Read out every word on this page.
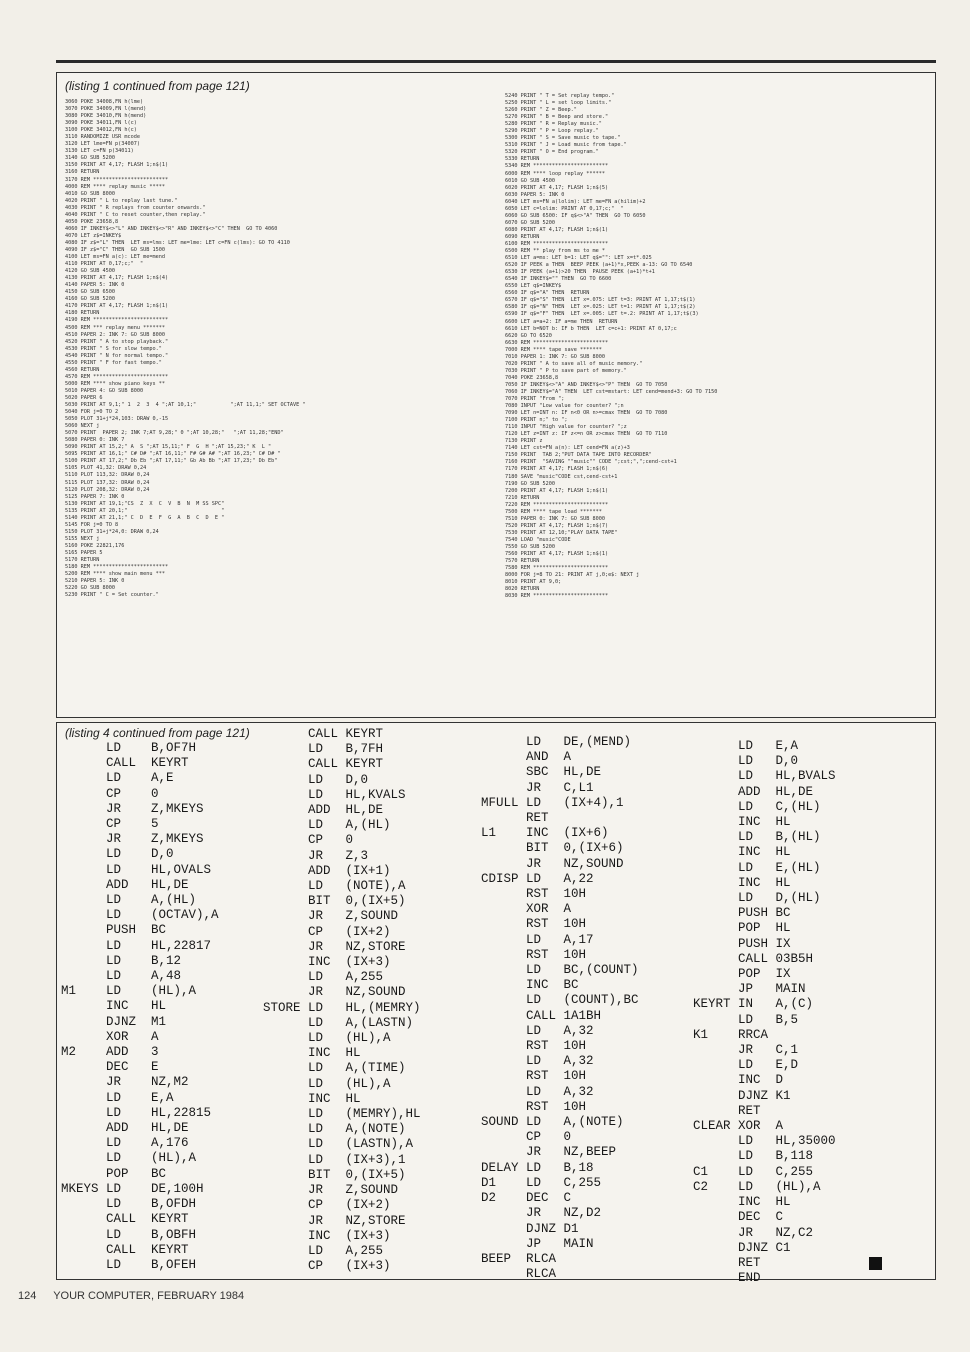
(listing 1 continued from page 121)
3060 POKE 34008,FN h(lme)
3070 POKE 34009,FN l(mend)
3080 POKE 34010,FN h(mend)
3090 POKE 34011,FN l(c)
3100 POKE 34012,FN h(c)
3110 RANDOMIZE USR mcode
3120 LET lme=FN p(34007)
3130 LET c=FN p(34011)
3140 GO SUB 5200
3150 PRINT AT 4,17; FLASH 1;n$(1)
3160 RETURN
3170 REM ************************
4000 REM **** replay music *****
4010 GO SUB 8000
4020 PRINT " L to replay last tune."
4030 PRINT " R replays from counter onwards."
4040 PRINT " C to reset counter,then replay."
4050 POKE 23658,8
4060 IF INKEY$<>"L" AND INKEY$<>"R" AND INKEY$<>"C" THEN  GO TO 4060
4070 LET z$=INKEY$
4080 IF z$="L" THEN  LET ms=lms: LET me=lme: LET c=FN c(lms): GO TO 4110
4090 IF z$="C" THEN  GO SUB 1500
4100 LET ms=FN a(c): LET me=mend
4110 PRINT AT 0,17;c;"  "
4120 GO SUB 4500
4130 PRINT AT 4,17; FLASH 1;n$(4)
4140 PAPER 5: INK 0
4150 GO SUB 6500
4160 GO SUB 5200
4170 PRINT AT 4,17; FLASH 1;n$(1)
4180 RETURN
4190 REM ************************
4500 REM *** replay menu *******
4510 PAPER 2: INK 7: GO SUB 8000
4520 PRINT " A to stop playback."
4530 PRINT " S for slow tempo."
4540 PRINT " N for normal tempo."
4550 PRINT " F for fast tempo."
4560 RETURN
4570 REM ************************
5000 REM **** show piano keys **
5010 PAPER 4: GO SUB 8000
5020 PAPER 6
5030 PRINT AT 9,1;" 1  2  3  4 ";AT 10,1;"           ";AT 11,1;" SET OCTAVE "
5040 FOR j=0 TO 2
5050 PLOT 31+j*24,103: DRAW 0,-15
5060 NEXT j
5070 PRINT  PAPER 2; INK 7;AT 9,28;" 0 ";AT 10,28;"   ";AT 11,28;"END"
5080 PAPER 0: INK 7
5090 PRINT AT 15,2;" A  S ";AT 15,11;" F  G  H ";AT 15,23;" K  L "
5095 PRINT AT 16,1;" C# D# ";AT 16,11;" F# G# A# ";AT 16,23;" C# D# "
5100 PRINT AT 17,2;" Db Eb ";AT 17,11;" Gb Ab Bb ";AT 17,23;" Db Eb"
5105 PLOT 41,32: DRAW 0,24
5110 PLOT 113,32: DRAW 0,24
5115 PLOT 137,32: DRAW 0,24
5120 PLOT 208,32: DRAW 0,24
5125 PAPER 7: INK 0
5130 PRINT AT 19,1;"CS  Z  X  C  V  B  N  M SS SPC"
5135 PRINT AT 20,1;"                              "
5140 PRINT AT 21,1;" C  D  E  F  G  A  B  C  D  E "
5145 FOR j=0 TO 8
5150 PLOT 31+j*24,0: DRAW 0,24
5155 NEXT j
5160 POKE 22821,176
5165 PAPER 5
5170 RETURN
5180 REM ************************
5200 REM **** show main menu ***
5210 PAPER 5: INK 0
5220 GO SUB 8000
5230 PRINT " C = Set counter."
5240 PRINT " T = Set replay tempo."
5250 PRINT " L = set loop limits."
5260 PRINT " Z = Beep."
5270 PRINT " B = Beep and store."
5280 PRINT " R = Replay music."
5290 PRINT " P = Loop replay."
5300 PRINT " S = Save music to tape."
5310 PRINT " J = Load music from tape."
5320 PRINT " O = End program."
5330 RETURN
5340 REM ************************
6000 REM **** loop replay ******
6010 GO SUB 4500
6020 PRINT AT 4,17; FLASH 1;n$(5)
6030 PAPER 5: INK 0
6040 LET ms=FN a(lolim): LET me=FN a(hilim)+2
6050 LET c=lolim: PRINT AT 0,17;c;"  "
6060 GO SUB 6500: IF q$<>"A" THEN  GO TO 6050
6070 GO SUB 5200
6080 PRINT AT 4,17; FLASH 1;n$(1)
6090 RETURN
6100 REM ************************
6500 REM ** play from ms to me *
6510 LET a=ms: LET b=1: LET q$="": LET x=t*.025
6520 IF PEEK a THEN  BEEP PEEK (a+1)*x,PEEK a-13: GO TO 6540
6530 IF PEEK (a+1)>20 THEN  PAUSE PEEK (a+1)*t+1
6540 IF INKEY$="" THEN  GO TO 6600
6550 LET q$=INKEY$
6560 IF q$="A" THEN  RETURN
6570 IF q$="S" THEN  LET x=.075: LET t=3: PRINT AT 1,17;t$(1)
6580 IF q$="N" THEN  LET x=.025: LET t=1: PRINT AT 1,17;t$(2)
6590 IF q$="F" THEN  LET x=.005: LET t=.2: PRINT AT 1,17;t$(3)
6600 LET a=a+2: IF a=me THEN  RETURN
6610 LET b=NOT b: IF b THEN  LET c=c+1: PRINT AT 0,17;c
6620 GO TO 6520
6630 REM ************************
7000 REM **** tape save *******
7010 PAPER 1: INK 7: GO SUB 8000
7020 PRINT " A to save all of music memory."
7030 PRINT " P to save part of memory."
7040 POKE 23658,8
7050 IF INKEY$<>"A" AND INKEY$<>"P" THEN  GO TO 7050
7060 IF INKEY$="A" THEN  LET cst=mstart: LET cend=mend+3: GO TO 7150
7070 PRINT "From ";
7080 INPUT "Low value for counter? ";n
7090 LET n=INT n: IF n<0 OR n>=cmax THEN  GO TO 7080
7100 PRINT n;" to ";
7110 INPUT "High value for counter? ";z
7120 LET z=INT z: IF z<=n OR z>cmax THEN  GO TO 7110
7130 PRINT z
7140 LET cst=FN a(n): LET cend=FN a(z)+3
7150 PRINT  TAB 2;"PUT DATA TAPE INTO RECORDER"
7160 PRINT  "SAVING ""music"" CODE ";cst;",";cend-cst+1
7170 PRINT AT 4,17; FLASH 1;n$(6)
7180 SAVE "music"CODE cst,cend-cst+1
7190 GO SUB 5200
7200 PRINT AT 4,17; FLASH 1;n$(1)
7210 RETURN
7220 REM ************************
7500 REM **** tape load *******
7510 PAPER 0: INK 7: GO SUB 8000
7520 PRINT AT 4,17; FLASH 1;n$(7)
7530 PRINT AT 12,10;"PLAY DATA TAPE"
7540 LOAD "music"CODE
7550 GO SUB 5200
7560 PRINT AT 4,17; FLASH 1;n$(1)
7570 RETURN
7580 REM ************************
8000 FOR j=8 TO 21: PRINT AT j,0;e$: NEXT j
8010 PRINT AT 9,0;
8020 RETURN
8030 REM ************************
(listing 4 continued from page 121)
LD    B,OF7H
CALL  KEYRT
LD    A,E
CP    0
JR    Z,MKEYS
CP    5
JR    Z,MKEYS
LD    D,0
LD    HL,OVALS
ADD   HL,DE
LD    A,(HL)
LD    (OCTAV),A
PUSH  BC
LD    HL,22817
LD    B,12
LD    A,48
M1    LD    (HL),A
INC   HL
DJNZ  M1
XOR   A
M2    ADD   3
DEC   E
JR    NZ,M2
LD    E,A
LD    HL,22815
ADD   HL,DE
LD    A,176
LD    (HL),A
POP   BC
MKEYS LD    DE,100H
LD    B,OFDH
CALL  KEYRT
LD    B,OBFH
CALL  KEYRT
LD    B,OFEH
CALL KEYRT
LD   B,7FH
CALL KEYRT
LD   D,0
LD   HL,KVALS
ADD  HL,DE
LD   A,(HL)
CP   0
JR   Z,3
ADD  (IX+1)
LD   (NOTE),A
BIT  0,(IX+5)
JR   Z,SOUND
CP   (IX+2)
JR   NZ,STORE
INC  (IX+3)
LD   A,255
JR   NZ,SOUND
STORE LD   HL,(MEMRY)
LD   A,(LASTN)
LD   (HL),A
INC  HL
LD   A,(TIME)
LD   (HL),A
INC  HL
LD   (MEMRY),HL
LD   A,(NOTE)
LD   (LASTN),A
LD   (IX+3),1
BIT  0,(IX+5)
JR   Z,SOUND
CP   (IX+2)
JR   NZ,STORE
INC  (IX+3)
LD   A,255
CP   (IX+3)
LD   DE,(MEND)
AND  A
SBC  HL,DE
JR   C,L1
MFULL LD   (IX+4),1
RET
L1    INC  (IX+6)
BIT  0,(IX+6)
JR   NZ,SOUND
CDISP LD   A,22
RST  10H
XOR  A
RST  10H
LD   A,17
RST  10H
LD   BC,(COUNT)
INC  BC
LD   (COUNT),BC
CALL 1A1BH
LD   A,32
RST  10H
LD   A,32
RST  10H
LD   A,32
RST  10H
SOUND LD   A,(NOTE)
CP   0
JR   NZ,BEEP
DELAY LD   B,18
D1    LD   C,255
D2    DEC  C
JR   NZ,D2
DJNZ D1
JP   MAIN
BEEP  RLCA
RLCA
LD   E,A
LD   D,0
LD   HL,BVALS
ADD  HL,DE
LD   C,(HL)
INC  HL
LD   B,(HL)
INC  HL
LD   E,(HL)
INC  HL
LD   D,(HL)
PUSH BC
POP  HL
PUSH IX
CALL 03B5H
POP  IX
JP   MAIN
KEYRT IN   A,(C)
LD   B,5
K1    RRCA
JR   C,1
LD   E,D
INC  D
DJNZ K1
RET
CLEAR XOR  A
LD   HL,35000
LD   B,118
C1    LD   C,255
C2    LD   (HL),A
INC  HL
DEC  C
JR   NZ,C2
DJNZ C1
RET
END
124 YOUR COMPUTER, FEBRUARY 1984
